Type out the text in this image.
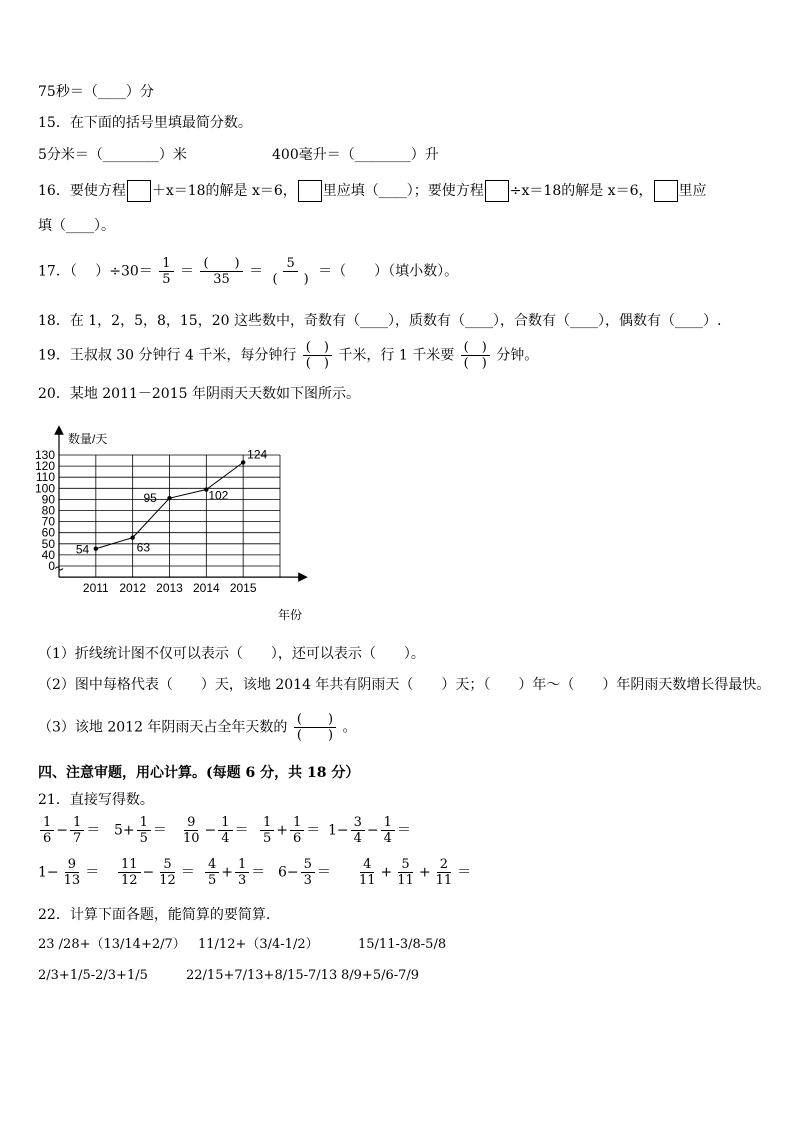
75秒＝（____）分
15．在下面的括号里填最简分数。
5分米＝（________）米	400毫升＝（________）升
16．要使方程 ＋x＝18的解是 x＝6， 里应填（____）；要使方程 ÷x＝18的解是 x＝6， 里应
填（____）。
17．（　 ）$\div 30= \frac{1}{5} = \frac{( )}{35} = \frac{5}{( )}$ ＝（　　）（填小数）。
18．在 1，2，5，8，15，20 这些数中，奇数有（____），质数有（____），合数有（____），偶数有（____）.
19．王叔叔 30 分钟行 4 千米，每分钟行 $\frac{( )}{( )}$ 千米，行 1 千米要 $\frac{( )}{( )}$ 分钟。
20．某地 2011－2015 年阴雨天天数如下图所示。
130
120
110
100
90
80
70
60
50
40
0
2011 2012 2013 2014 2015
54	63
95	102
124
数量/天
年份
（1）折线统计图不仅可以表示（　　），还可以表示（　　）。
（2）图中每格代表（　　）天，该地 2014 年共有阴雨天（　　）天；（　　）年～（　　）年阴雨天数增长得最快。
（3）该地 2012 年阴雨天占全年天数的 $\frac{( )}{( )}$ 。
四、注意审题，用心计算。(每题 6 分，共 18 分）
21．直接写得数。
$\frac{1}{6} - \frac{1}{7} = 5+ \frac{1}{5} = \frac{9}{10} - \frac{1}{4} = \frac{1}{5} + \frac{1}{6} = 1- \frac{3}{4} - \frac{1}{4}$ ＝
$1- \frac{9}{13} = \frac{11}{12} - \frac{5}{12} = \frac{4}{5} + \frac{1}{3} = 6- \frac{5}{3} = \frac{4}{11} + \frac{5}{11} + \frac{2}{11}$ ＝
22．计算下面各题，能简算的要简算.
23 /28+（13/14+2/7） 11/12+（3/4-1/2）	15/11-3/8-5/8
2/3+1/5-2/3+1/5	22/15+7/13+8/15-7/13 8/9+5/6-7/9
